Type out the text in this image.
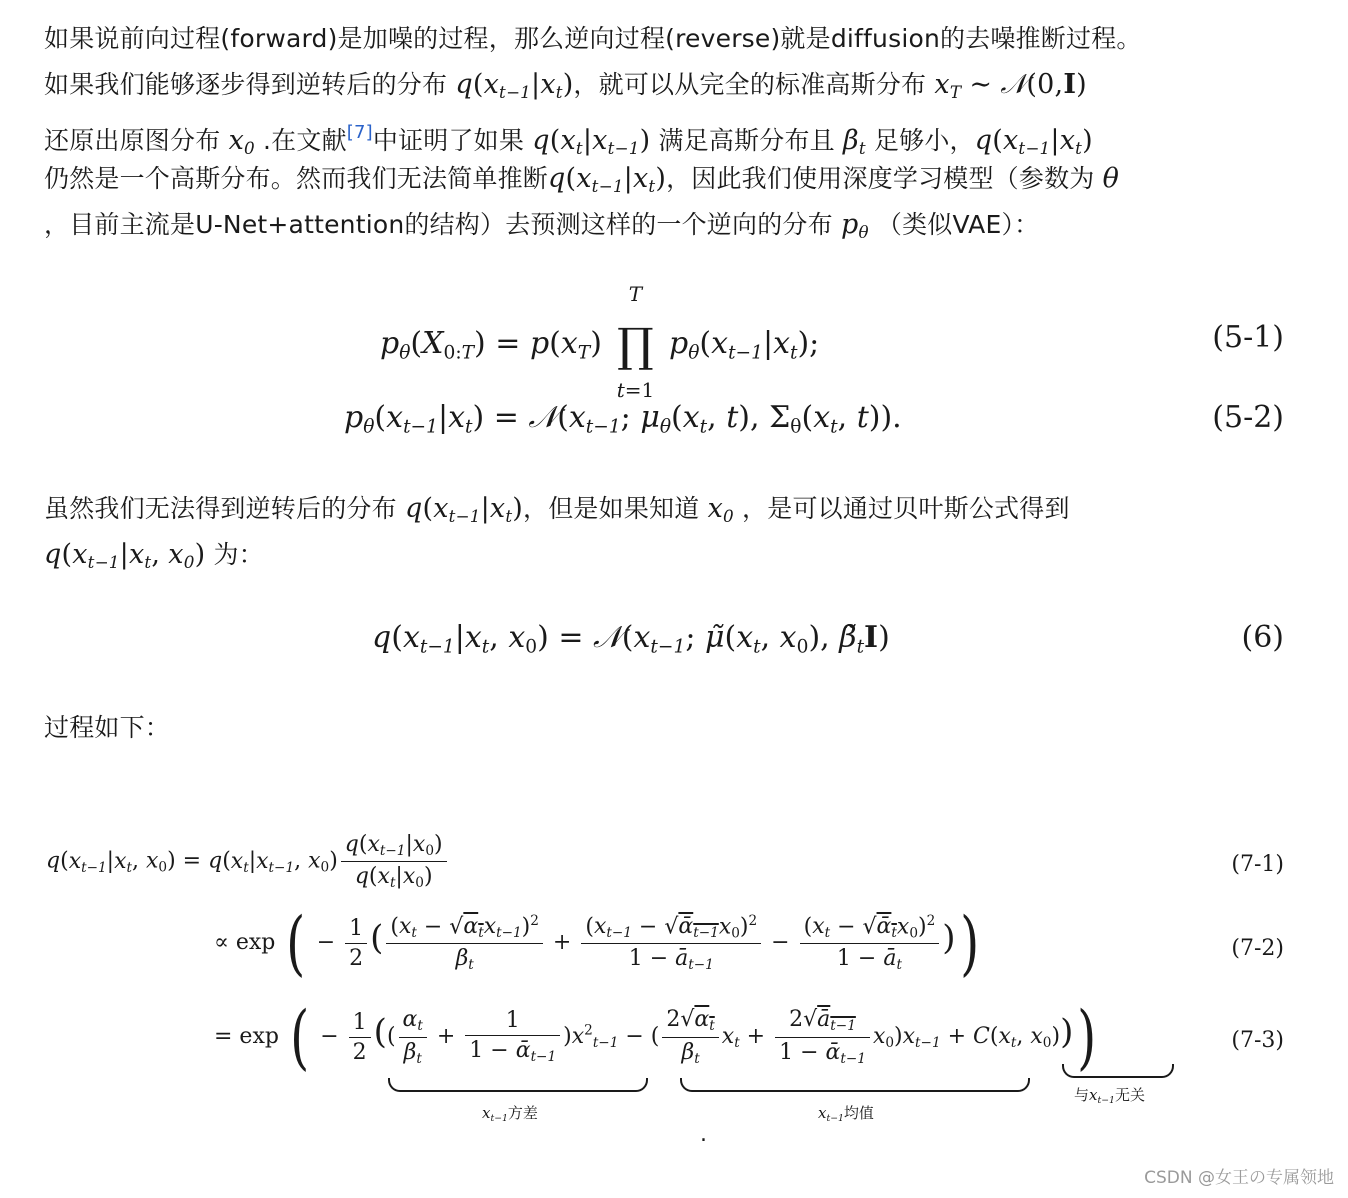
如果说前向过程(forward)是加噪的过程，那么逆向过程(reverse)就是diffusion的去噪推断过程。
如果我们能够逐步得到逆转后的分布 $q(x_{t-1}|x_t)$，就可以从完全的标准高斯分布 $x_T$ ∼ 𝒩(0,I)
还原出原图分布 $x_0$ .在文献[7]中证明了如果 $q(x_t|x_{t-1})$ 满足高斯分布且 $\beta_t$ 足够小，$q(x_{t-1}|x_t)$
仍然是一个高斯分布。然而我们无法简单推断$q(x_{t-1}|x_t)$，因此我们使用深度学习模型（参数为 θ
，目前主流是U-Net+attention的结构）去预测这样的一个逆向的分布 $p_\theta$ （类似VAE）：
$p_\theta(X_{0:T}) = p(x_T)$
T
∏
t=1
$p_\theta(x_{t-1}|x_t)$;	(5-1)
$p_\theta(x_{t-1}|x_t)$ = $𝒩(x_{t-1}$; $\mu_\theta(x_t$, t), $\Sigma_\theta(x_t$, t)).	(5-2)
虽然我们无法得到逆转后的分布 $q(x_{t-1}|x_t)$，但是如果知道 $x_0$ ，是可以通过贝叶斯公式得到
$q(x_{t-1}|x_t$, $x_0$) 为：
$q(x_{t-1}|x_t$, $x_0$) = $𝒩(x_{t-1}$; $\mũ(x_t$, $x_0$), $\betã_tI$)	(6)
过程如下：
$q(x_{t-1}|x_t$, $x_0) = q(x_t|x_{t-1}$, $x_0) \frac{q(x_{t-1}|x_0)}{q(x_t|x_0)}$	(7-1)
∝ exp ( − $\frac{1}{2}$ ( $\frac{(x_t - √\alpha_tx_{t-1})^2}{\beta_t} + \frac{(x_{t-1} - √ᾱ_{t-1}x_0)^2}{1 - ā_{t-1}} - \frac{(x_t - √ᾱ_tx_0)^2}{1 - ā_t}$ ))	(7-2)
= exp ( − $\frac{1}{2}$ (( $\frac{\alpha_t}{\beta_t} + \frac{1}{1 - ᾱ_{t-1}} )x^2_{t-1}$ − ( $\frac{2√\alpha_t}{\beta_t} x_t + \frac{2√ā_{t-1}}{1 - ᾱ_{t-1}} x_0)x_{t-1} + C(x_t$, $x_0$)))	(7-3)
$x_{t-1}$方差	$x_{t-1}$均值
与$x_{t-1}$无关
.
CSDN @女王の专属领地
